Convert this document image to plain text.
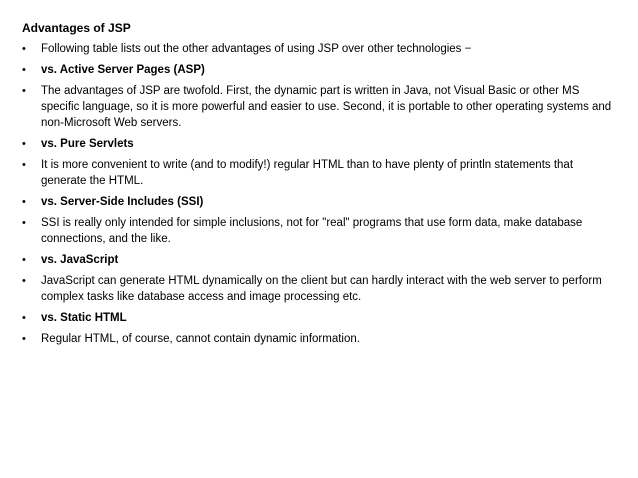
Advantages of JSP
•	Following table lists out the other advantages of using JSP over other technologies −
•	vs. Active Server Pages (ASP)
•	The advantages of JSP are twofold. First, the dynamic part is written in Java, not Visual Basic or other MS specific language, so it is more powerful and easier to use. Second, it is portable to other operating systems and non-Microsoft Web servers.
•	vs. Pure Servlets
•	It is more convenient to write (and to modify!) regular HTML than to have plenty of println statements that generate the HTML.
•	vs. Server-Side Includes (SSI)
•	SSI is really only intended for simple inclusions, not for "real" programs that use form data, make database connections, and the like.
•	vs. JavaScript
•	JavaScript can generate HTML dynamically on the client but can hardly interact with the web server to perform complex tasks like database access and image processing etc.
•	vs. Static HTML
•	Regular HTML, of course, cannot contain dynamic information.
